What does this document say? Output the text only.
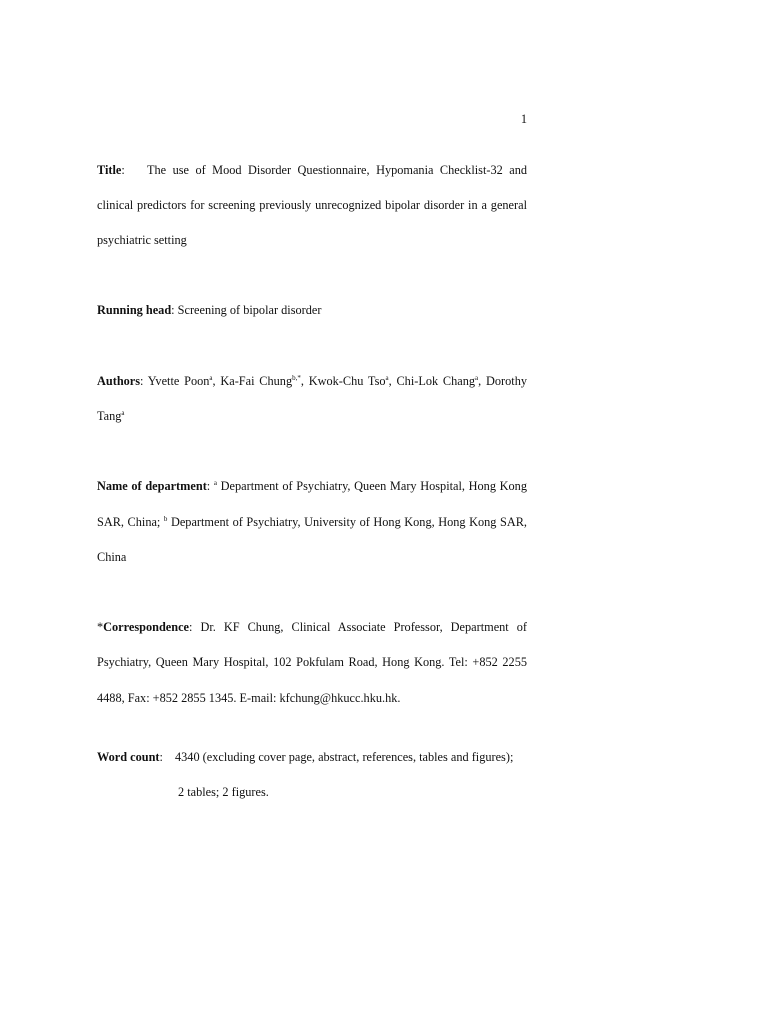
1
Title: The use of Mood Disorder Questionnaire, Hypomania Checklist-32 and
clinical predictors for screening previously unrecognized bipolar disorder in a general
psychiatric setting
Running head: Screening of bipolar disorder
Authors: Yvette Poon$^a$, Ka-Fai Chung$^{b,*}$, Kwok-Chu Tso$^a$, Chi-Lok Chang$^a$, Dorothy
Tang$^a$
Name of department: $^a$ Department of Psychiatry, Queen Mary Hospital, Hong Kong
SAR, China; $^b$ Department of Psychiatry, University of Hong Kong, Hong Kong SAR,
China
*Correspondence: Dr. KF Chung, Clinical Associate Professor, Department of
Psychiatry, Queen Mary Hospital, 102 Pokfulam Road, Hong Kong. Tel: +852 2255
4488, Fax: +852 2855 1345. E-mail: kfchung@hkucc.hku.hk.
Word count: 4340 (excluding cover page, abstract, references, tables and figures);
2 tables; 2 figures.
